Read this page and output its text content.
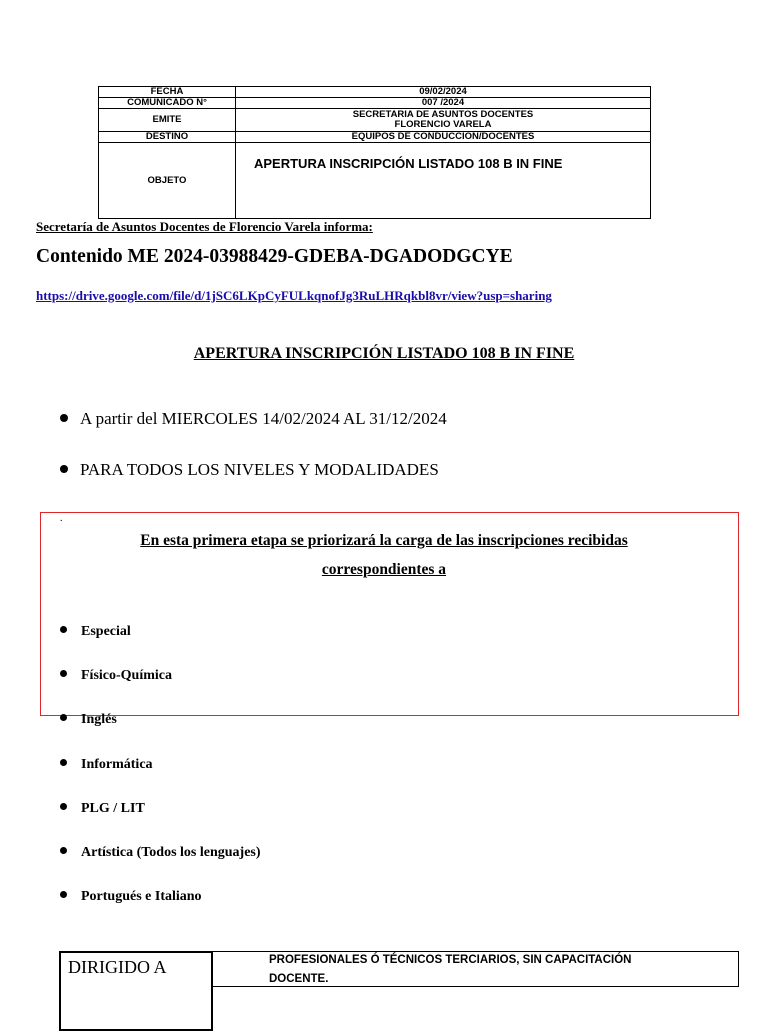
FECHA	09/02/2024
COMUNICADO N°	007 /2024
EMITE	SECRETARIA DE ASUNTOS DOCENTES
FLORENCIO VARELA

DESTINO	EQUIPOS DE CONDUCCION/DOCENTES
OBJETO	APERTURA INSCRIPCIÓN LISTADO 108 B IN FINE
Secretaría de Asuntos Docentes de Florencio Varela informa:
Contenido ME 2024-03988429-GDEBA-DGADODGCYE
https://drive.google.com/file/d/1jSC6LKpCyFULkqnofJg3RuLHRqkbl8vr/view?usp=sharing
APERTURA INSCRIPCIÓN LISTADO 108 B IN FINE
A partir del MIERCOLES 14/02/2024 AL 31/12/2024
PARA TODOS LOS NIVELES Y MODALIDADES
.
En esta primera etapa se priorizará la carga de las inscripciones recibidas
correspondientes a
Especial
Físico-Química
Inglés
Informática
PLG / LIT
Artística (Todos los lenguajes)
Portugués e Italiano
DIRIGIDO A	PROFESIONALES Ó TÉCNICOS TERCIARIOS, SIN CAPACITACIÓN
DOCENTE.
